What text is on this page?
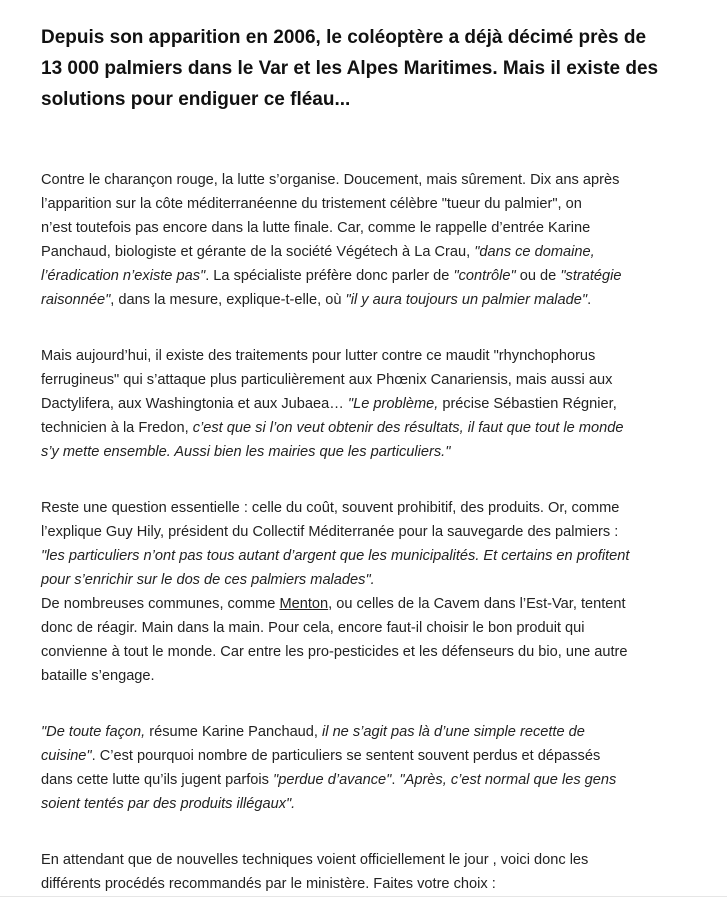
Depuis son apparition en 2006, le coléoptère a déjà décimé près de
13 000 palmiers dans le Var et les Alpes Maritimes. Mais il existe des
solutions pour endiguer ce fléau...

Contre le charançon rouge, la lutte s’organise. Doucement, mais sûrement. Dix ans après
l’apparition sur la côte méditerranéenne du tristement célèbre "tueur du palmier", on
n’est toutefois pas encore dans la lutte finale. Car, comme le rappelle d’entrée Karine
Panchaud, biologiste et gérante de la société Végétech à La Crau, "dans ce domaine,
l’éradication n’existe pas". La spécialiste préfère donc parler de "contrôle" ou de "stratégie
raisonnée", dans la mesure, explique-t-elle, où "il y aura toujours un palmier malade".

Mais aujourd’hui, il existe des traitements pour lutter contre ce maudit "rhynchophorus
ferrugineus" qui s’attaque plus particulièrement aux Phœnix Canariensis, mais aussi aux
Dactylifera, aux Washingtonia et aux Jubaea… "Le problème, précise Sébastien Régnier,
technicien à la Fredon, c’est que si l’on veut obtenir des résultats, il faut que tout le monde
s’y mette ensemble. Aussi bien les mairies que les particuliers."

Reste une question essentielle : celle du coût, souvent prohibitif, des produits. Or, comme
l’explique Guy Hily, président du Collectif Méditerranée pour la sauvegarde des palmiers :
"les particuliers n’ont pas tous autant d’argent que les municipalités. Et certains en profitent
pour s’enrichir sur le dos de ces palmiers malades".
De nombreuses communes, comme Menton, ou celles de la Cavem dans l’Est-Var, tentent
donc de réagir. Main dans la main. Pour cela, encore faut-il choisir le bon produit qui
convienne à tout le monde. Car entre les pro-pesticides et les défenseurs du bio, une autre
bataille s’engage.

"De toute façon, résume Karine Panchaud, il ne s’agit pas là d’une simple recette de
cuisine". C’est pourquoi nombre de particuliers se sentent souvent perdus et dépassés
dans cette lutte qu’ils jugent parfois "perdue d’avance". "Après, c’est normal que les gens
soient tentés par des produits illégaux".

En attendant que de nouvelles techniques voient officiellement le jour , voici donc les
différents procédés recommandés par le ministère. Faites votre choix :
